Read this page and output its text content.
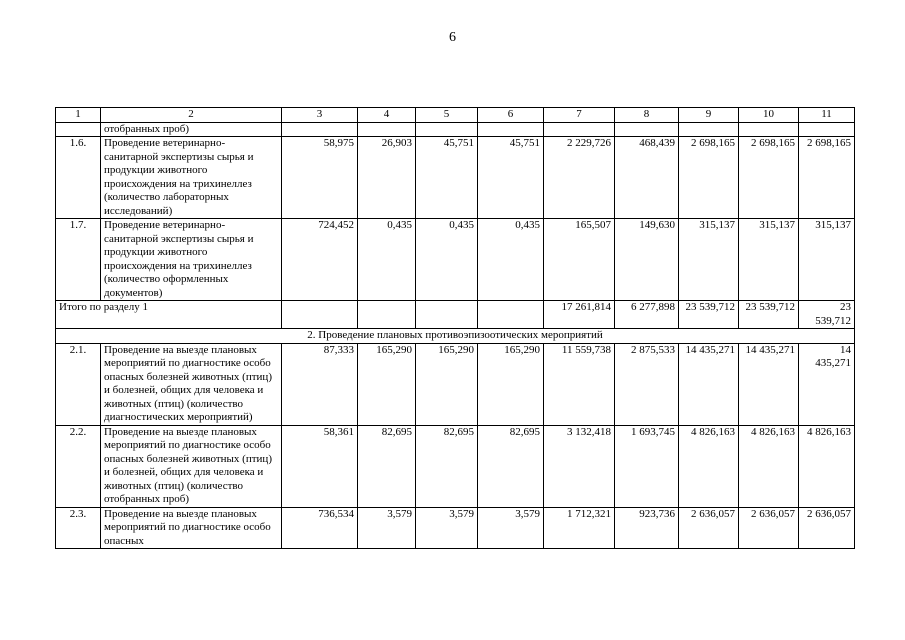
6
1	2	3	4	5	6	7	8	9	10	11
	отобранных проб)									
1.6.	Проведение ветеринарно-санитарной экспертизы сырья и продукции животного происхождения на трихинеллез (количество лабораторных исследований)	58,975	26,903	45,751	45,751	2 229,726	468,439	2 698,165	2 698,165	2 698,165
1.7.	Проведение ветеринарно-санитарной экспертизы сырья и продукции животного происхождения на трихинеллез (количество оформленных документов)	724,452	0,435	0,435	0,435	165,507	149,630	315,137	315,137	315,137
Итого по разделу 1						17 261,814	6 277,898	23 539,712	23 539,712	23 539,712
2. Проведение плановых противоэпизоотических мероприятий										
2.1.	Проведение на выезде плановых мероприятий по диагностике особо опасных болезней животных (птиц) и болезней, общих для человека и животных (птиц) (количество диагностических мероприятий)	87,333	165,290	165,290	165,290	11 559,738	2 875,533	14 435,271	14 435,271	14 435,271
2.2.	Проведение на выезде плановых мероприятий по диагностике особо опасных болезней животных (птиц) и болезней, общих для человека и животных (птиц) (количество отобранных проб)	58,361	82,695	82,695	82,695	3 132,418	1 693,745	4 826,163	4 826,163	4 826,163
2.3.	Проведение на выезде плановых мероприятий по диагностике особо опасных	736,534	3,579	3,579	3,579	1 712,321	923,736	2 636,057	2 636,057	2 636,057
